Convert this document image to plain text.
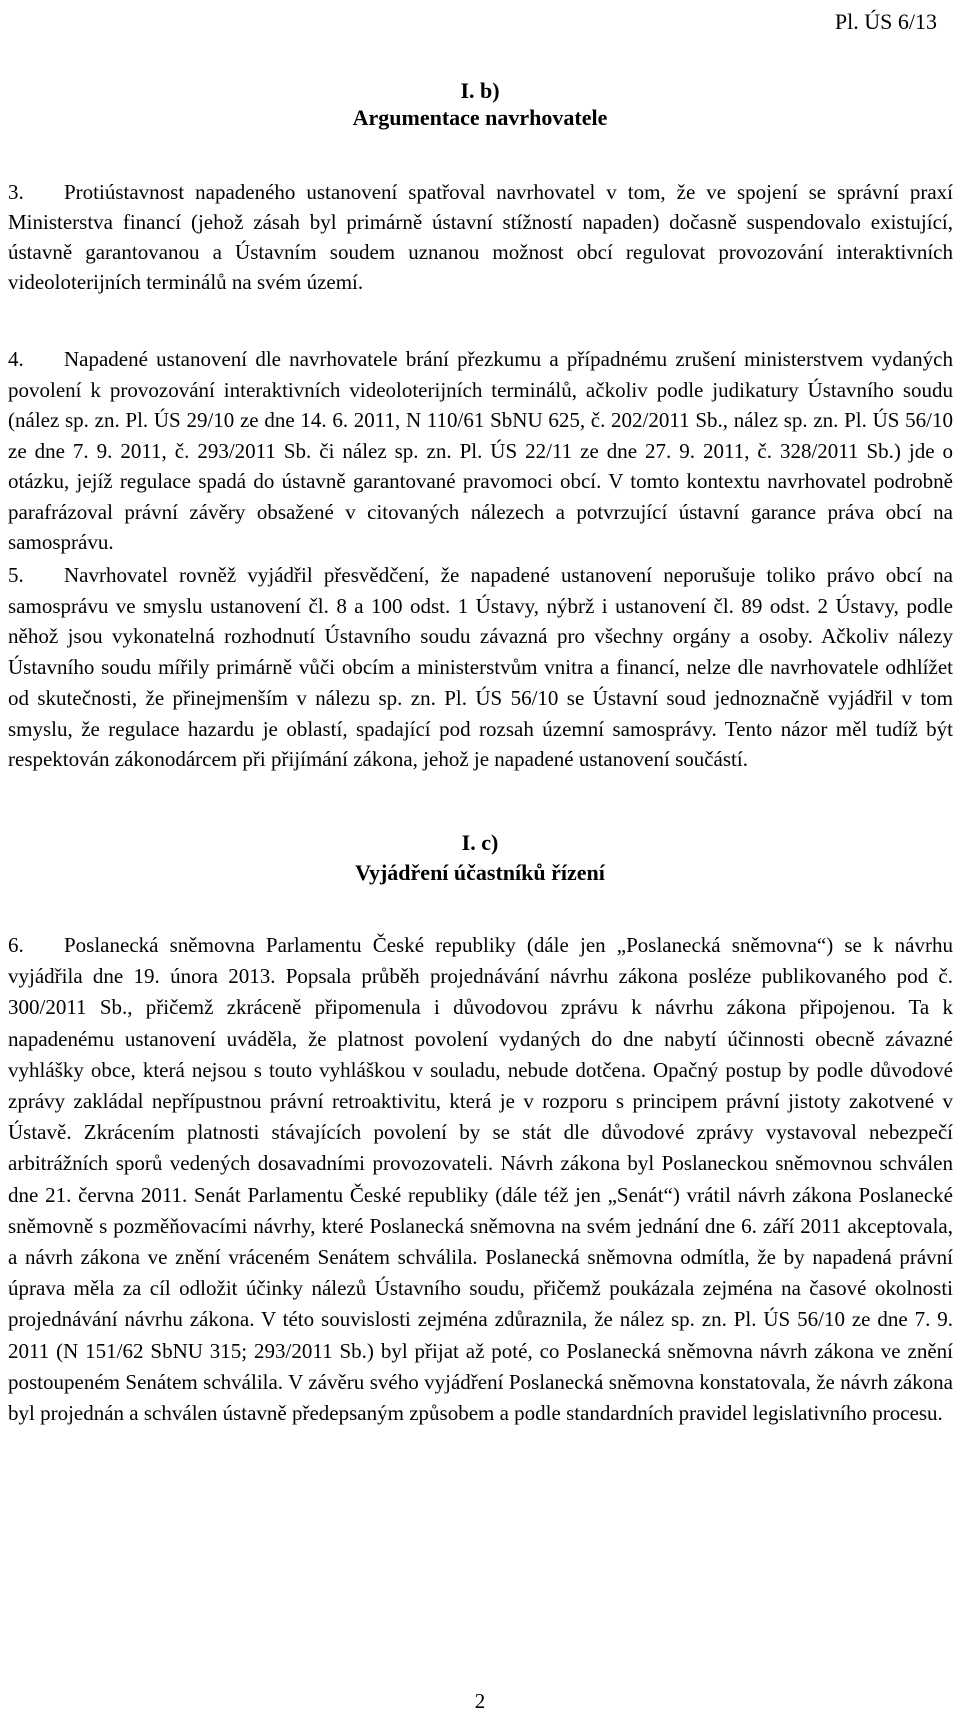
Pl. ÚS 6/13
I. b)
Argumentace navrhovatele
3. Protiústavnost napadeného ustanovení spatřoval navrhovatel v tom, že ve spojení se správní praxí Ministerstva financí (jehož zásah byl primárně ústavní stížností napaden) dočasně suspendovalo existující, ústavně garantovanou a Ústavním soudem uznanou možnost obcí regulovat provozování interaktivních videoloterijních terminálů na svém území.
4. Napadené ustanovení dle navrhovatele brání přezkumu a případnému zrušení ministerstvem vydaných povolení k provozování interaktivních videoloterijních terminálů, ačkoliv podle judikatury Ústavního soudu (nález sp. zn. Pl. ÚS 29/10 ze dne 14. 6. 2011, N 110/61 SbNU 625, č. 202/2011 Sb., nález sp. zn. Pl. ÚS 56/10 ze dne 7. 9. 2011, č. 293/2011 Sb. či nález sp. zn. Pl. ÚS 22/11 ze dne 27. 9. 2011, č. 328/2011 Sb.) jde o otázku, jejíž regulace spadá do ústavně garantované pravomoci obcí. V tomto kontextu navrhovatel podrobně parafrázoval právní závěry obsažené v citovaných nálezech a potvrzující ústavní garance práva obcí na samosprávu.
5. Navrhovatel rovněž vyjádřil přesvědčení, že napadené ustanovení neporušuje toliko právo obcí na samosprávu ve smyslu ustanovení čl. 8 a 100 odst. 1 Ústavy, nýbrž i ustanovení čl. 89 odst. 2 Ústavy, podle něhož jsou vykonatelná rozhodnutí Ústavního soudu závazná pro všechny orgány a osoby. Ačkoliv nálezy Ústavního soudu mířily primárně vůči obcím a ministerstvům vnitra a financí, nelze dle navrhovatele odhlížet od skutečnosti, že přinejmenším v nálezu sp. zn. Pl. ÚS 56/10 se Ústavní soud jednoznačně vyjádřil v tom smyslu, že regulace hazardu je oblastí, spadající pod rozsah územní samosprávy. Tento názor měl tudíž být respektován zákonodárcem při přijímání zákona, jehož je napadené ustanovení součástí.
I. c)
Vyjádření účastníků řízení
6. Poslanecká sněmovna Parlamentu České republiky (dále jen „Poslanecká sněmovna“) se k návrhu vyjádřila dne 19. února 2013. Popsala průběh projednávání návrhu zákona posléze publikovaného pod č. 300/2011 Sb., přičemž zkráceně připomenula i důvodovou zprávu k návrhu zákona připojenou. Ta k napadenému ustanovení uváděla, že platnost povolení vydaných do dne nabytí účinnosti obecně závazné vyhlášky obce, která nejsou s touto vyhláškou v souladu, nebude dotčena. Opačný postup by podle důvodové zprávy zakládal nepřípustnou právní retroaktivitu, která je v rozporu s principem právní jistoty zakotvené v Ústavě. Zkrácením platnosti stávajících povolení by se stát dle důvodové zprávy vystavoval nebezpečí arbitrážních sporů vedených dosavadními provozovateli. Návrh zákona byl Poslaneckou sněmovnou schválen dne 21. června 2011. Senát Parlamentu České republiky (dále též jen „Senát“) vrátil návrh zákona Poslanecké sněmovně s pozměňovacími návrhy, které Poslanecká sněmovna na svém jednání dne 6. září 2011 akceptovala, a návrh zákona ve znění vráceném Senátem schválila. Poslanecká sněmovna odmítla, že by napadená právní úprava měla za cíl odložit účinky nálezů Ústavního soudu, přičemž poukázala zejména na časové okolnosti projednávání návrhu zákona. V této souvislosti zejména zdůraznila, že nález sp. zn. Pl. ÚS 56/10 ze dne 7. 9. 2011 (N 151/62 SbNU 315; 293/2011 Sb.) byl přijat až poté, co Poslanecká sněmovna návrh zákona ve znění postoupeném Senátem schválila. V závěru svého vyjádření Poslanecká sněmovna konstatovala, že návrh zákona byl projednán a schválen ústavně předepsaným způsobem a podle standardních pravidel legislativního procesu.
2
